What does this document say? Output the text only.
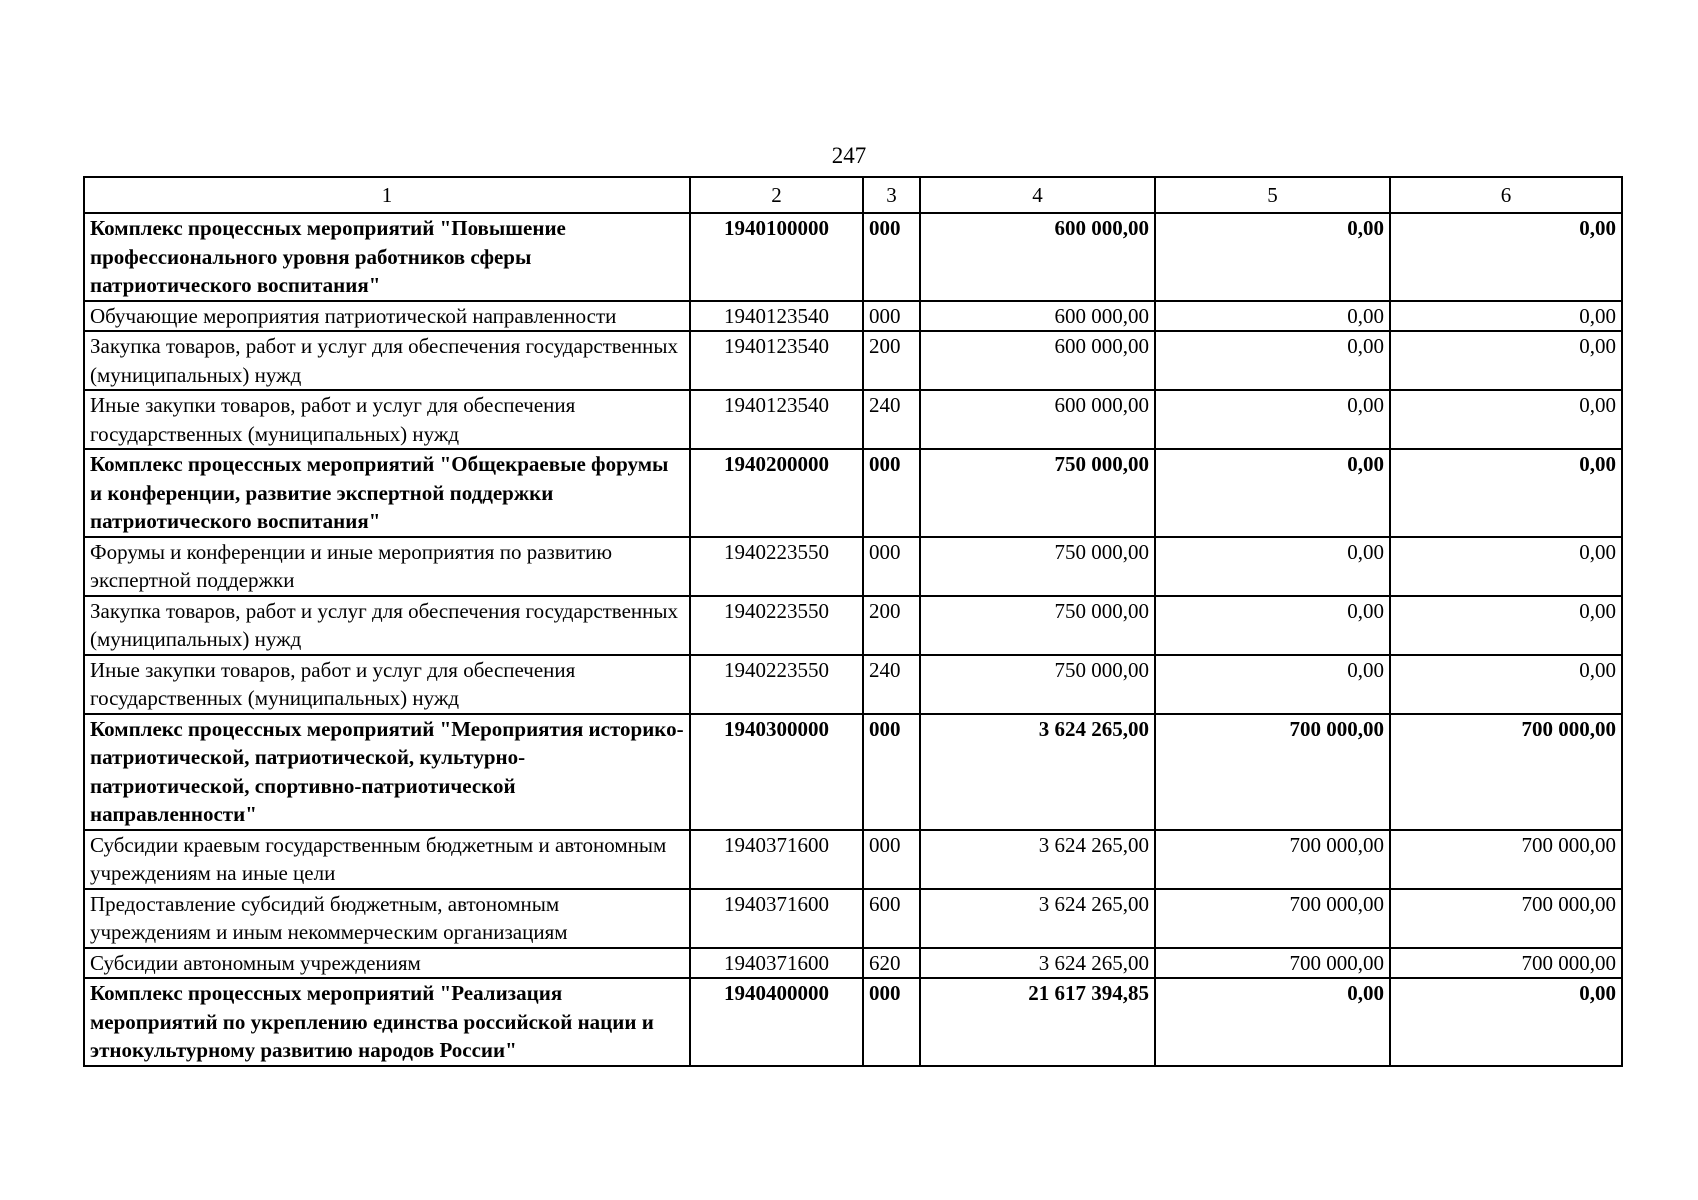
247
1	2	3	4	5	6
Комплекс процессных мероприятий "Повышение профессионального уровня работников сферы патриотического воспитания"	1940100000	000	600 000,00	0,00	0,00
Обучающие мероприятия патриотической направленности	1940123540	000	600 000,00	0,00	0,00
Закупка товаров, работ и услуг для обеспечения государственных (муниципальных) нужд	1940123540	200	600 000,00	0,00	0,00
Иные закупки товаров, работ и услуг для обеспечения государственных (муниципальных) нужд	1940123540	240	600 000,00	0,00	0,00
Комплекс процессных мероприятий "Общекраевые форумы и конференции, развитие экспертной поддержки патриотического воспитания"	1940200000	000	750 000,00	0,00	0,00
Форумы и конференции и иные мероприятия по развитию экспертной поддержки	1940223550	000	750 000,00	0,00	0,00
Закупка товаров, работ и услуг для обеспечения государственных (муниципальных) нужд	1940223550	200	750 000,00	0,00	0,00
Иные закупки товаров, работ и услуг для обеспечения государственных (муниципальных) нужд	1940223550	240	750 000,00	0,00	0,00
Комплекс процессных мероприятий "Мероприятия историко-патриотической, патриотической, культурно-патриотической, спортивно-патриотической направленности"	1940300000	000	3 624 265,00	700 000,00	700 000,00
Субсидии краевым государственным бюджетным и автономным учреждениям на иные цели	1940371600	000	3 624 265,00	700 000,00	700 000,00
Предоставление субсидий бюджетным, автономным учреждениям и иным некоммерческим организациям	1940371600	600	3 624 265,00	700 000,00	700 000,00
Субсидии автономным учреждениям	1940371600	620	3 624 265,00	700 000,00	700 000,00
Комплекс процессных мероприятий "Реализация мероприятий по укреплению единства российской нации и этнокультурному развитию народов России"	1940400000	000	21 617 394,85	0,00	0,00
